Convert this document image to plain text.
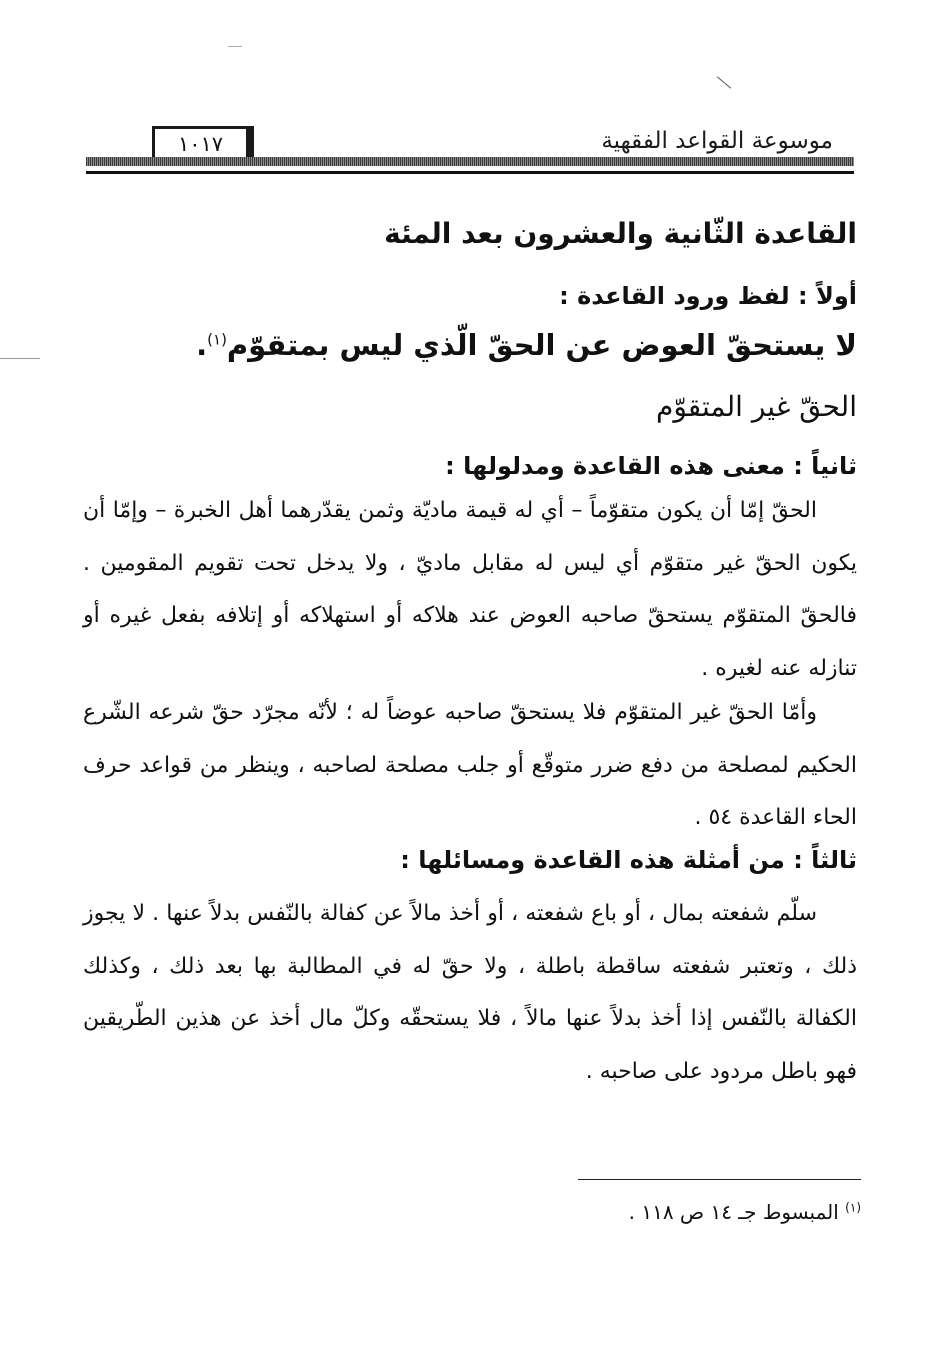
موسوعة القواعد الفقهية
١٠١٧
القاعدة الثّانية والعشرون بعد المئة
أولاً : لفظ ورود القاعدة :
لا يستحقّ العوض عن الحقّ الّذي ليس بمتقوّم$^{(١)}$.
الحقّ غير المتقوّم
ثانياً : معنى هذه القاعدة ومدلولها :
الحقّ إمّا أن يكون متقوّماً – أي له قيمة ماديّة وثمن يقدّرهما أهل الخبرة – وإمّا أن يكون الحقّ غير متقوّم أي ليس له مقابل ماديّ ، ولا يدخل تحت تقويم المقومين . فالحقّ المتقوّم يستحقّ صاحبه العوض عند هلاكه أو استهلاكه أو إتلافه بفعل غيره أو تنازله عنه لغيره .
وأمّا الحقّ غير المتقوّم فلا يستحقّ صاحبه عوضاً له ؛ لأنّه مجرّد حقّ شرعه الشّرع الحكيم لمصلحة من دفع ضرر متوقّع أو جلب مصلحة لصاحبه ، وينظر من قواعد حرف الحاء القاعدة ٥٤ .
ثالثاً : من أمثلة هذه القاعدة ومسائلها :
سلّم شفعته بمال ، أو باع شفعته ، أو أخذ مالاً عن كفالة بالنّفس بدلاً عنها . لا يجوز ذلك ، وتعتبر شفعته ساقطة باطلة ، ولا حقّ له في المطالبة بها بعد ذلك ، وكذلك الكفالة بالنّفس إذا أخذ بدلاً عنها مالاً ، فلا يستحقّه وكلّ مال أخذ عن هذين الطّريقين فهو باطل مردود على صاحبه .
$^{(١)}$ المبسوط جـ ١٤ ص ١١٨ .
